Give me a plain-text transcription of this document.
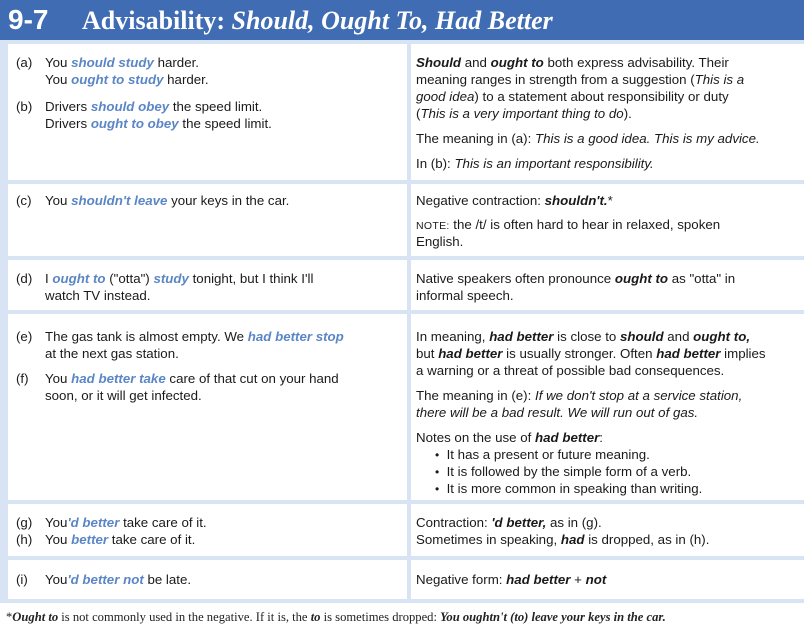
9-7 Advisability: Should, Ought To, Had Better
(a) You should study harder.
You ought to study harder.
(b) Drivers should obey the speed limit.
Drivers ought to obey the speed limit.
Should and ought to both express advisability. Their
meaning ranges in strength from a suggestion (This is a
good idea) to a statement about responsibility or duty
(This is a very important thing to do).
The meaning in (a): This is a good idea. This is my advice.
In (b): This is an important responsibility.
(c) You shouldn't leave your keys in the car.	Negative contraction: shouldn't.*
NOTE: the /t/ is often hard to hear in relaxed, spoken
English.
(d) I ought to ("otta") study tonight, but I think I'll
watch TV instead.
Native speakers often pronounce ought to as "otta" in
informal speech.
(e) The gas tank is almost empty. We had better stop
at the next gas station.
(f) You had better take care of that cut on your hand
soon, or it will get infected.
In meaning, had better is close to should and ought to,
but had better is usually stronger. Often had better implies
a warning or a threat of possible bad consequences.
The meaning in (e): If we don't stop at a service station,
there will be a bad result. We will run out of gas.
Notes on the use of had better:
• It has a present or future meaning.
• It is followed by the simple form of a verb.
• It is more common in speaking than writing.
(g) You'd better take care of it.
(h) You better take care of it.
Contraction: 'd better, as in (g).
Sometimes in speaking, had is dropped, as in (h).
(i) You'd better not be late.	Negative form: had better + not
*Ought to is not commonly used in the negative. If it is, the to is sometimes dropped: You oughtn't (to) leave your keys in the car.
